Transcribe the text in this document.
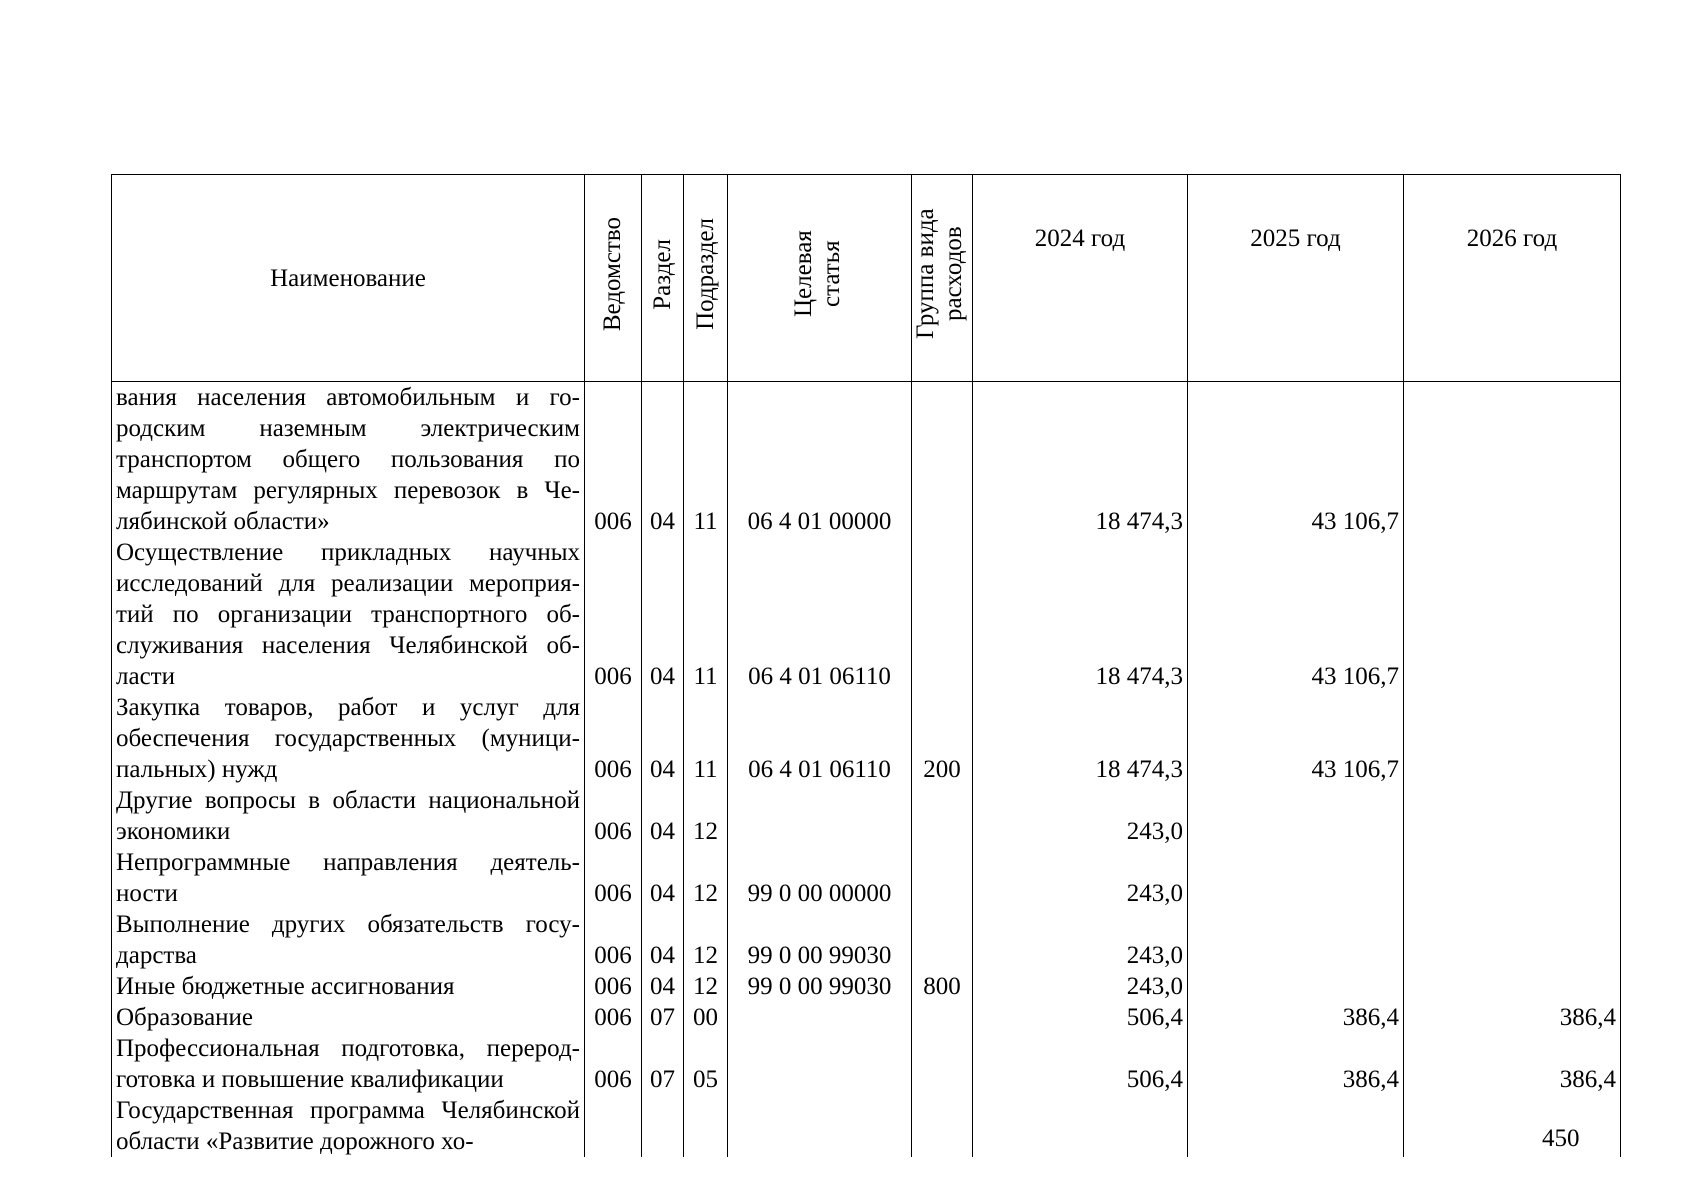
Наименование	Ведомство	Раздел	Подраздел	Целевая статья	Группа вида расходов	2024 год	2025 год	2026 год
вания населения автомобильным и городским наземным электрическим транспортом общего пользования по маршрутам регулярных перевозок в Челябинской области»	006	04	11	06 4 01 00000		18 474,3	43 106,7	
Осуществление прикладных научных исследований для реализации мероприятий по организации транспортного обслуживания населения Челябинской области	006	04	11	06 4 01 06110		18 474,3	43 106,7	
Закупка товаров, работ и услуг для обеспечения государственных (муниципальных) нужд	006	04	11	06 4 01 06110	200	18 474,3	43 106,7	
Другие вопросы в области национальной экономики	006	04	12			243,0		
Непрограммные направления деятельности	006	04	12	99 0 00 00000		243,0		
Выполнение других обязательств государства	006	04	12	99 0 00 99030		243,0		
Иные бюджетные ассигнования	006	04	12	99 0 00 99030	800	243,0		
Образование	006	07	00			506,4	386,4	386,4
Профессиональная подготовка, переpодготовка и повышение квалификации	006	07	05			506,4	386,4	386,4
Государственная программа Челябинской области «Развитие дорожного хо-									450
